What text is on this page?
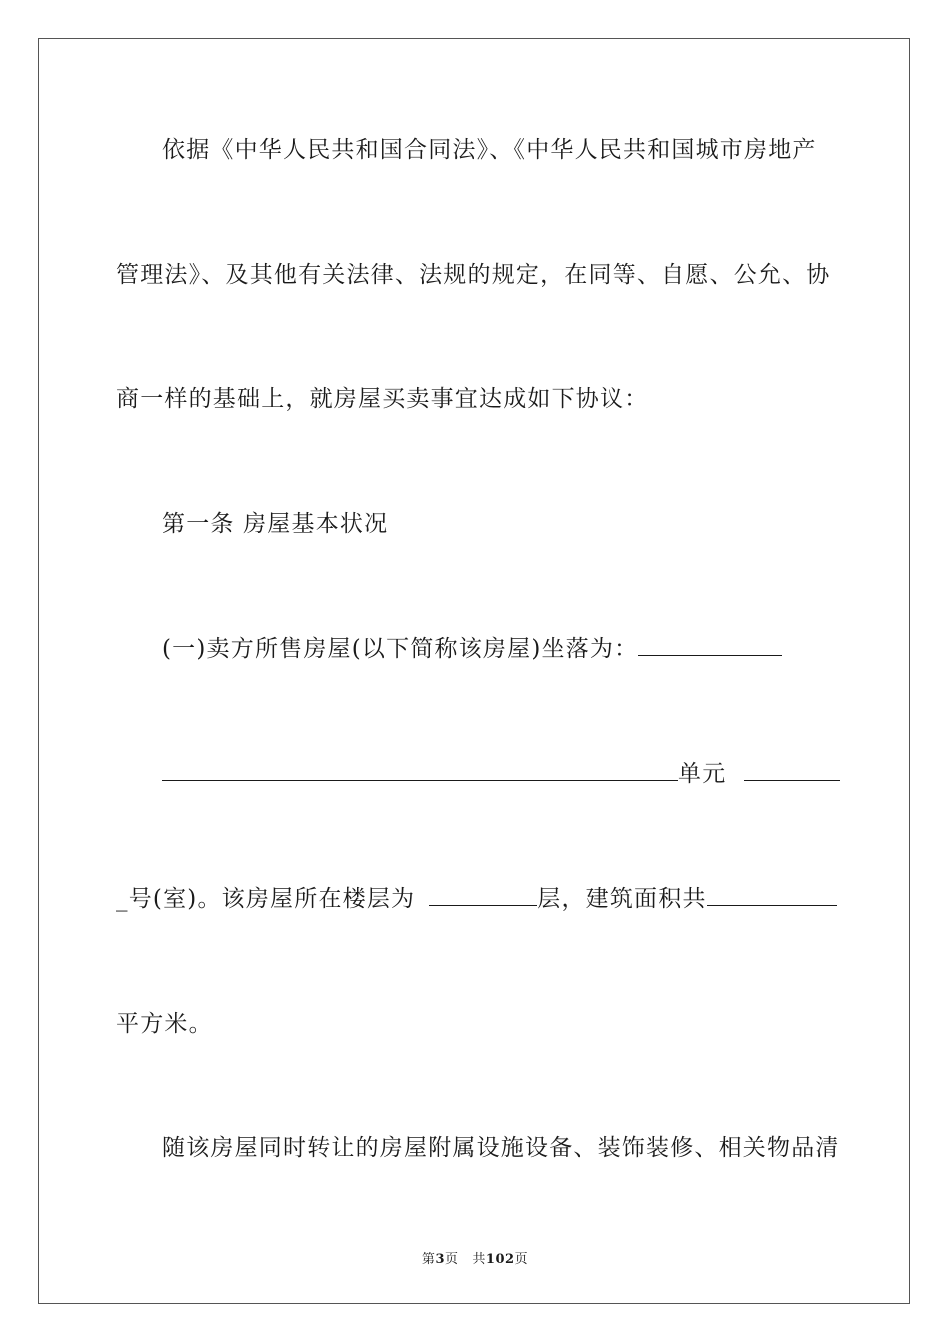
依据《中华人民共和国合同法》、《中华人民共和国城市房地产
管理法》、及其他有关法律、法规的规定，在同等、自愿、公允、协
商一样的基础上，就房屋买卖事宜达成如下协议：
第一条 房屋基本状况
(一)卖方所售房屋(以下简称该房屋)坐落为：
单元
_号(室)。该房屋所在楼层为	层，建筑面积共
平方米。
随该房屋同时转让的房屋附属设施设备、装饰装修、相关物品清
第3页 共102页
